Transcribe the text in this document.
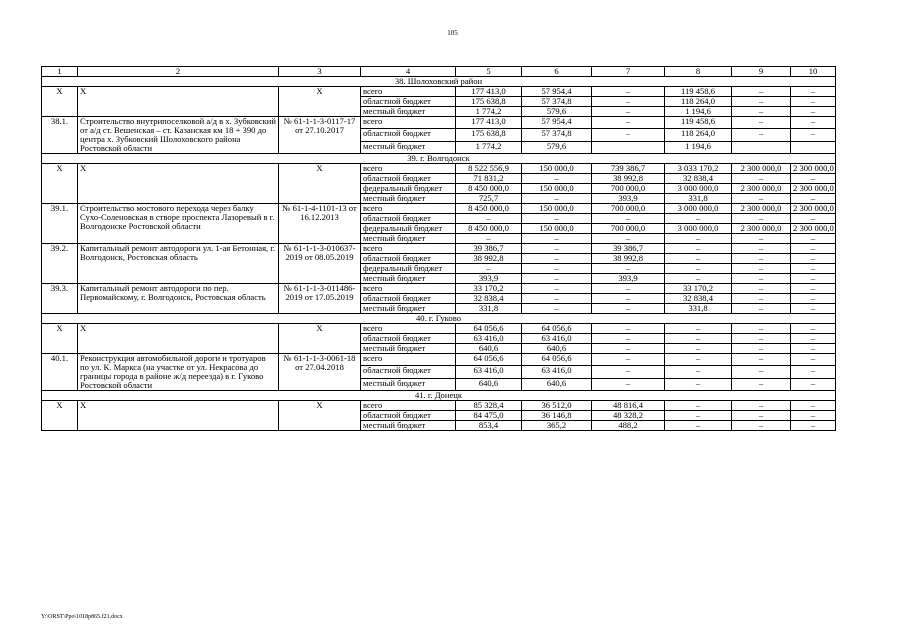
105
1	2	3	4	5	6	7	8	9	10
38. Шолоховский район									
X	X	X	всего	177 413,0	57 954,4	–	119 458,6	–	–
			областной бюджет	175 638,8	57 374,8	–	118 264,0	–	–
			местный бюджет	1 774,2	579,6	–	1 194,6	–	–
38.1.	Строительство внутрипоселковой а/д в х. Зубковский от а/д ст. Вешенская – ст. Казанская км 18 + 390 до центра х. Зубковский Шолоховского района Ростовской области	№ 61-1-1-3-0117-17 от 27.10.2017	всего	177 413,0	57 954,4	–	119 458,6	–	–
			областной бюджет	175 638,8	57 374,8	–	118 264,0	–	–
			местный бюджет	1 774,2	579,6		1 194,6		
39. г. Волгодонск									
X	X	X	всего	8 522 556,9	150 000,0	739 386,7	3 033 170,2	2 300 000,0	2 300 000,0
			областной бюджет	71 831,2	–	38 992,8	32 838,4	–	–
			федеральный бюджет	8 450 000,0	150 000,0	700 000,0	3 000 000,0	2 300 000,0	2 300 000,0
			местный бюджет	725,7	–	393,9	331,8	–	–
39.1.	Строительство мостового перехода через балку Сухо-Соленовская в створе проспекта Лазоревый в г. Волгодонске Ростовской области	№ 61-1-4-1101-13 от 16.12.2013	всего	8 450 000,0	150 000,0	700 000,0	3 000 000,0	2 300 000,0	2 300 000,0
			областной бюджет	–	–	–	–	–	–
			федеральный бюджет	8 450 000,0	150 000,0	700 000,0	3 000 000,0	2 300 000,0	2 300 000,0
			местный бюджет	–	–	–	–	–	–
39.2.	Капитальный ремонт автодороги ул. 1-ая Бетонная, г. Волгодонск, Ростовская область	№ 61-1-1-3-010637-2019 от 08.05.2019	всего	39 386,7	–	39 386,7	–	–	–
			областной бюджет	38 992,8	–	38 992,8	–	–	–
			федеральный бюджет	–	–	–	–	–	–
			местный бюджет	393,9	–	393,9	–	–	–
39.3.	Капитальный ремонт автодороги по пер. Первомайскому, г. Волгодонск, Ростовская область	№ 61-1-1-3-011486-2019 от 17.05.2019	всего	33 170,2	–	–	33 170,2	–	–
			областной бюджет	32 838,4	–	–	32 838,4	–	–
			местный бюджет	331,8	–	–	331,8	–	–
40. г. Гуково									
X	X	X	всего	64 056,6	64 056,6	–	–	–	–
			областной бюджет	63 416,0	63 416,0	–	–	–	–
			местный бюджет	640,6	640,6	–	–	–	–
40.1.	Реконструкция автомобильной дороги и тротуаров по ул. К. Маркса (на участке от ул. Некрасова до границы города в районе ж/д переезда) в г. Гуково Ростовской области	№ 61-1-1-3-0061-18 от 27.04.2018	всего	64 056,6	64 056,6	–	–	–	–
			областной бюджет	63 416,0	63 416,0	–	–	–	–
			местный бюджет	640,6	640,6	–	–	–	–
41. г. Донецк									
X	X	X	всего	85 328,4	36 512,0	48 816,4	–	–	–
			областной бюджет	84 475,0	36 146,8	48 328,2	–	–	–
			местный бюджет	853,4	365,2	488,2	–	–	–
Y:\ORST\Ppo\1018p865.f21.docx
